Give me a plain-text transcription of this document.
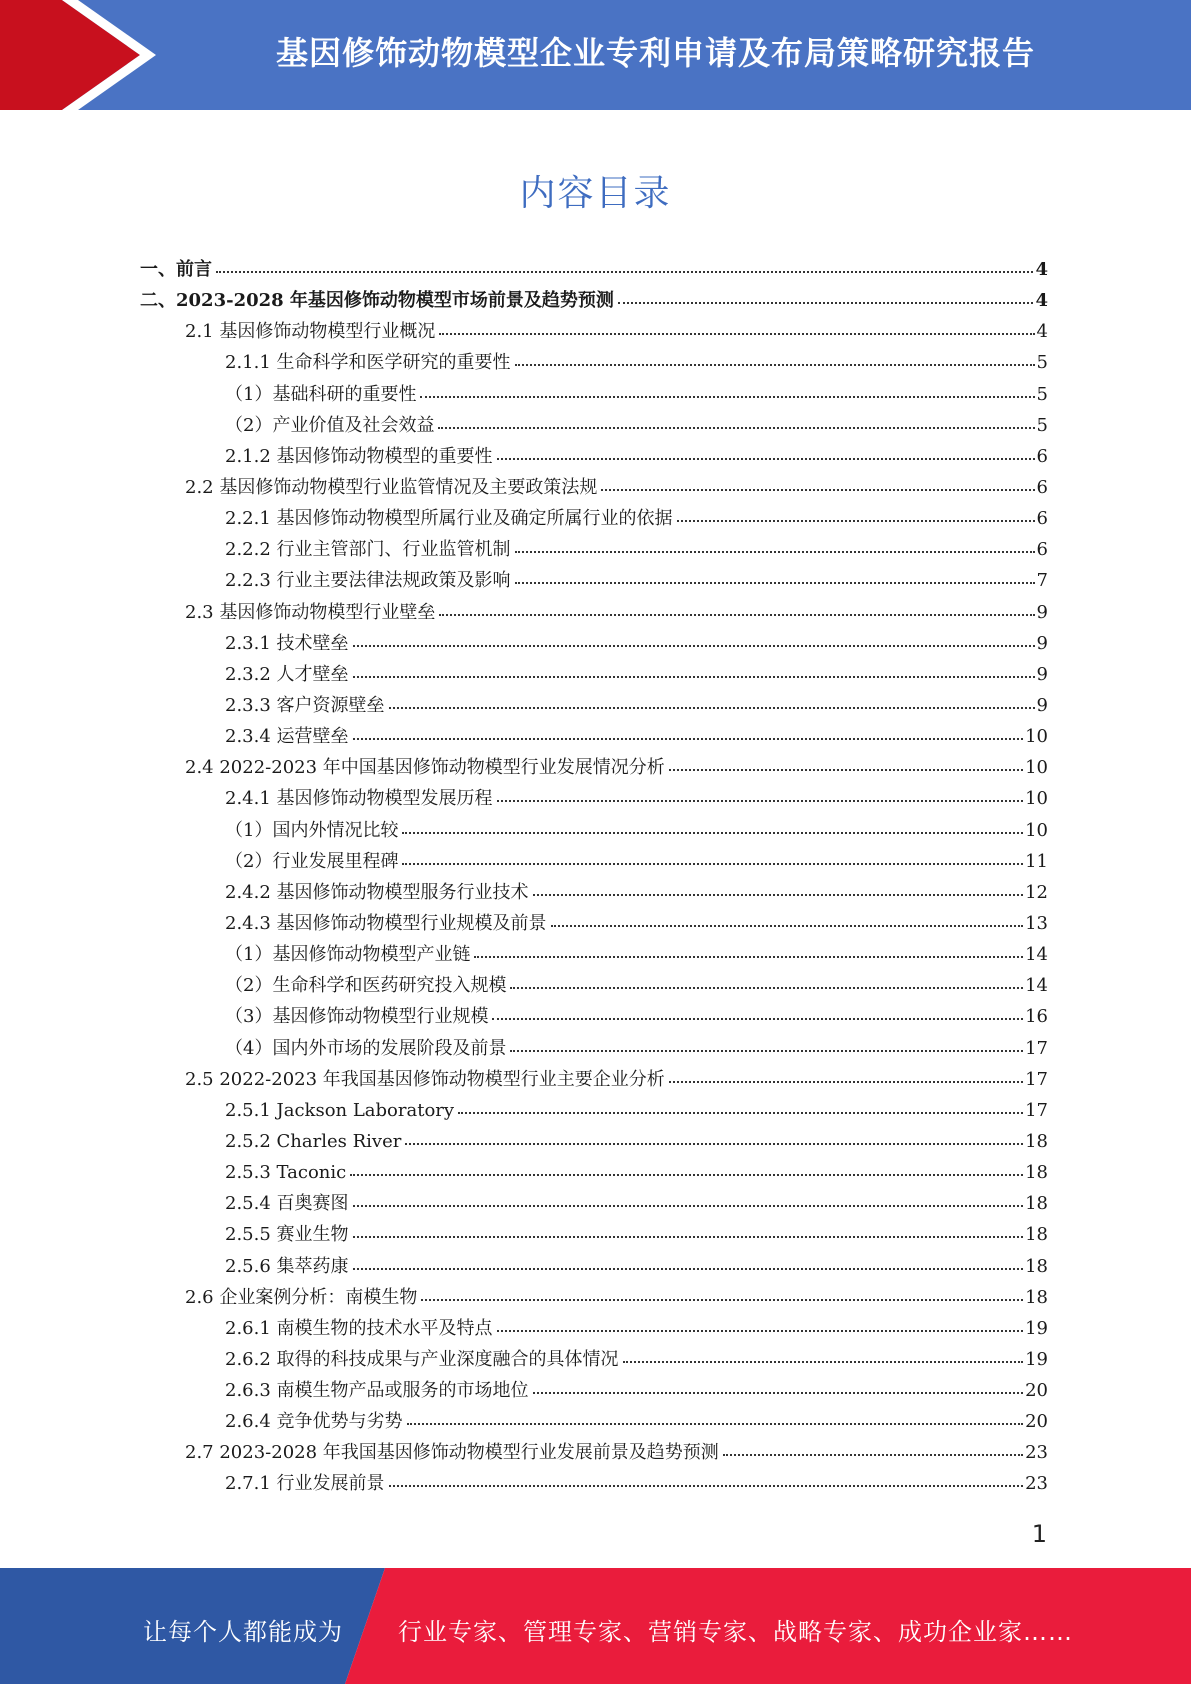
基因修饰动物模型企业专利申请及布局策略研究报告
内容目录
一、前言	4
二、2023-2028 年基因修饰动物模型市场前景及趋势预测	4
2.1 基因修饰动物模型行业概况	4
2.1.1 生命科学和医学研究的重要性	5
（1）基础科研的重要性	5
（2）产业价值及社会效益	5
2.1.2 基因修饰动物模型的重要性	6
2.2 基因修饰动物模型行业监管情况及主要政策法规	6
2.2.1 基因修饰动物模型所属行业及确定所属行业的依据	6
2.2.2 行业主管部门、行业监管机制	6
2.2.3 行业主要法律法规政策及影响	7
2.3 基因修饰动物模型行业壁垒	9
2.3.1 技术壁垒	9
2.3.2 人才壁垒	9
2.3.3 客户资源壁垒	9
2.3.4 运营壁垒	10
2.4 2022-2023 年中国基因修饰动物模型行业发展情况分析	10
2.4.1 基因修饰动物模型发展历程	10
（1）国内外情况比较	10
（2）行业发展里程碑	11
2.4.2 基因修饰动物模型服务行业技术	12
2.4.3 基因修饰动物模型行业规模及前景	13
（1）基因修饰动物模型产业链	14
（2）生命科学和医药研究投入规模	14
（3）基因修饰动物模型行业规模	16
（4）国内外市场的发展阶段及前景	17
2.5 2022-2023 年我国基因修饰动物模型行业主要企业分析	17
2.5.1 Jackson Laboratory	17
2.5.2 Charles River	18
2.5.3 Taconic	18
2.5.4 百奥赛图	18
2.5.5 赛业生物	18
2.5.6 集萃药康	18
2.6 企业案例分析：南模生物	18
2.6.1 南模生物的技术水平及特点	19
2.6.2 取得的科技成果与产业深度融合的具体情况	19
2.6.3 南模生物产品或服务的市场地位	20
2.6.4 竞争优势与劣势	20
2.7 2023-2028 年我国基因修饰动物模型行业发展前景及趋势预测	23
2.7.1 行业发展前景	23
1
让每个人都能成为 行业专家、管理专家、营销专家、战略专家、成功企业家……
